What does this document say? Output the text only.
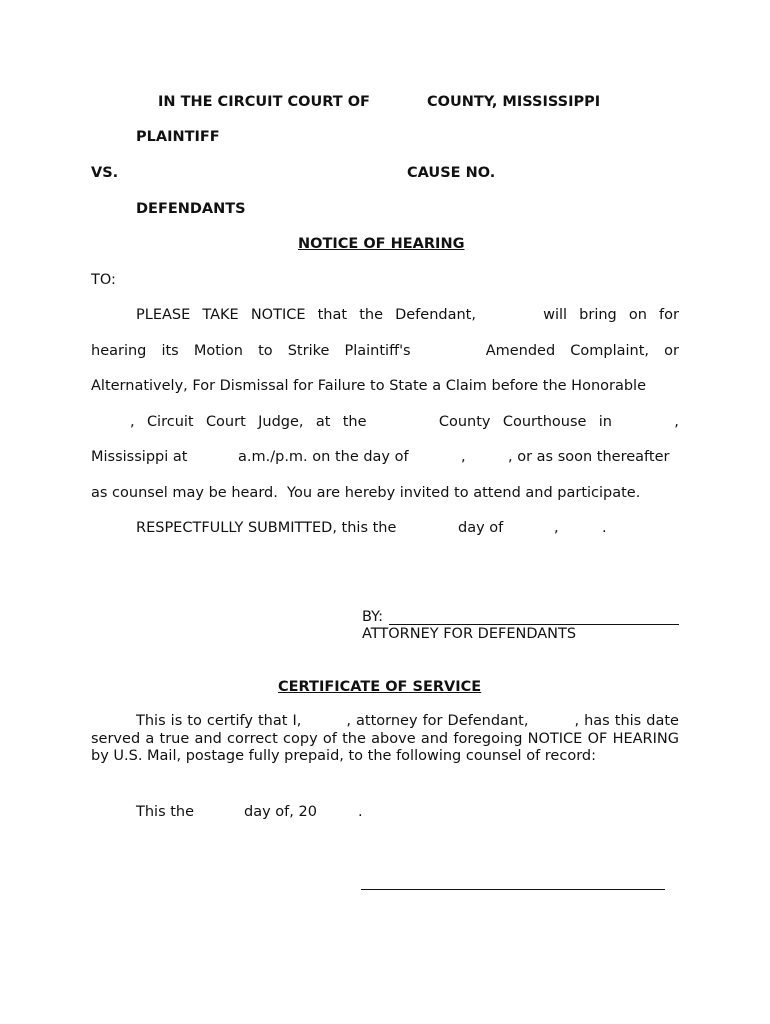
IN THE CIRCUIT COURT OF	COUNTY, MISSISSIPPI
PLAINTIFF
VS.	CAUSE NO.
DEFENDANTS
NOTICE OF HEARING
TO:
PLEASE TAKE NOTICE that the Defendant,	will bring on for
hearing its Motion to Strike Plaintiff's	Amended Complaint, or
Alternatively, For Dismissal for Failure to State a Claim before the Honorable
, Circuit Court Judge, at the	County Courthouse in	,
Mississippi at	a.m./p.m. on the day of	,	, or as soon thereafter
as counsel may be heard.  You are hereby invited to attend and participate.
RESPECTFULLY SUBMITTED, this the	day of	,	.
BY:
ATTORNEY FOR DEFENDANTS
CERTIFICATE OF SERVICE
This is to certify that I,	, attorney for Defendant,	, has this date served a true and correct copy of the above and foregoing NOTICE OF HEARING by U.S. Mail, postage fully prepaid, to the following counsel of record:
This the	day of, 20	.
